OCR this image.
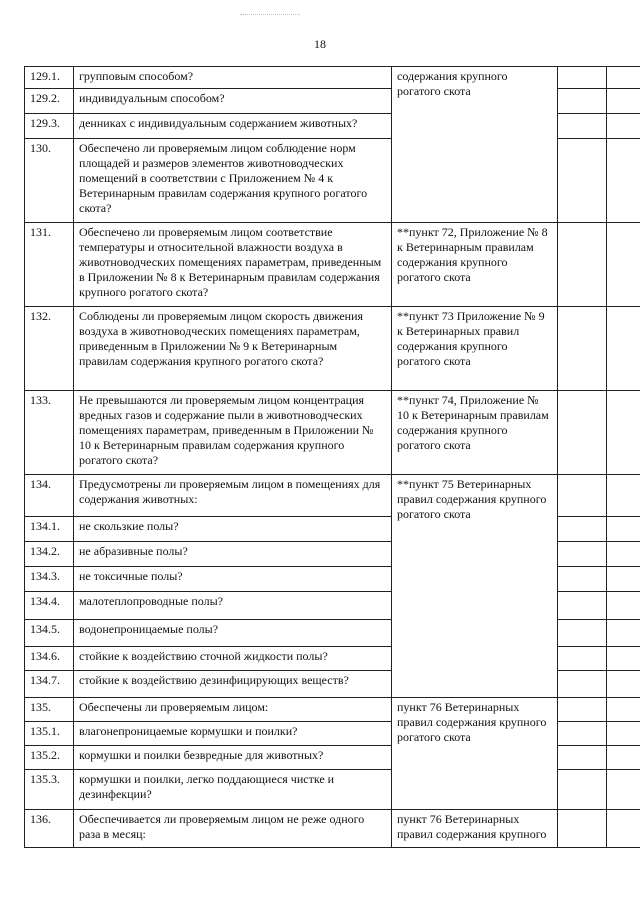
18
129.1.	групповым способом?	содержания крупного рогатого скота			
129.2.	индивидуальным способом?				
129.3.	денниках с индивидуальным содержанием животных?				
130.	Обеспечено ли проверяемым лицом соблюдение норм площадей и размеров элементов животноводческих помещений в соответствии с Приложением № 4 к Ветеринарным правилам содержания крупного рогатого скота?				
131.	Обеспечено ли проверяемым лицом соответствие температуры и относительной влажности воздуха в животноводческих помещениях параметрам, приведенным в Приложении № 8 к Ветеринарным правилам содержания крупного рогатого скота?	**пункт 72, Приложение № 8 к Ветеринарным правилам содержания крупного рогатого скота			
132.	Соблюдены ли проверяемым лицом скорость движения воздуха в животноводческих помещениях параметрам, приведенным в Приложении № 9 к Ветеринарным правилам содержания крупного рогатого скота?	**пункт 73 Приложение № 9 к Ветеринарных правил содержания крупного рогатого скота			
133.	Не превышаются ли проверяемым лицом концентрация вредных газов и содержание пыли в животноводческих помещениях параметрам, приведенным в Приложении № 10 к Ветеринарным правилам содержания крупного рогатого скота?	**пункт 74, Приложение № 10 к Ветеринарным правилам содержания крупного рогатого скота			
134.	Предусмотрены ли проверяемым лицом в помещениях для содержания животных:	**пункт 75 Ветеринарных правил содержания крупного рогатого скота			
134.1.	не скользкие полы?				
134.2.	не абразивные полы?				
134.3.	не токсичные полы?				
134.4.	малотеплопроводные полы?				
134.5.	водонепроницаемые полы?				
134.6.	стойкие к воздействию сточной жидкости полы?				
134.7.	стойкие к воздействию дезинфицирующих веществ?				
135.	Обеспечены ли проверяемым лицом:	пункт 76 Ветеринарных правил содержания крупного рогатого скота			
135.1.	влагонепроницаемые кормушки и поилки?				
135.2.	кормушки и поилки безвредные для животных?				
135.3.	кормушки и поилки, легко поддающиеся чистке и дезинфекции?				
136.	Обеспечивается ли проверяемым лицом не реже одного раза в месяц:	пункт 76 Ветеринарных правил содержания крупного			
